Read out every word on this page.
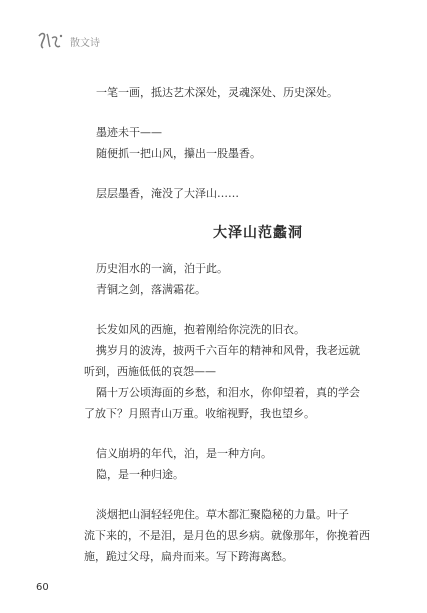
散文诗

一笔一画，抵达艺术深处，灵魂深处、历史深处。

墨迹未干——

随便抓一把山风，攥出一股墨香。

层层墨香，淹没了大泽山……

大泽山范蠡洞

历史泪水的一滴，泊于此。

青铜之剑，落满霜花。

长发如风的西施，抱着刚给你浣洗的旧衣。

携岁月的波涛，披两千六百年的精神和风骨，我老远就

听到，西施低低的哀怨——

隔十万公顷海面的乡愁，和泪水，你仰望着，真的学会

了放下？月照青山万重。收缩视野，我也望乡。

信义崩坍的年代，泊，是一种方向。

隐，是一种归途。

淡烟把山洞轻轻兜住。草木都汇聚隐秘的力量。叶子

流下来的，不是泪，是月色的思乡病。就像那年，你挽着西

施，跪过父母，扁舟而来。写下跨海离愁。

60
